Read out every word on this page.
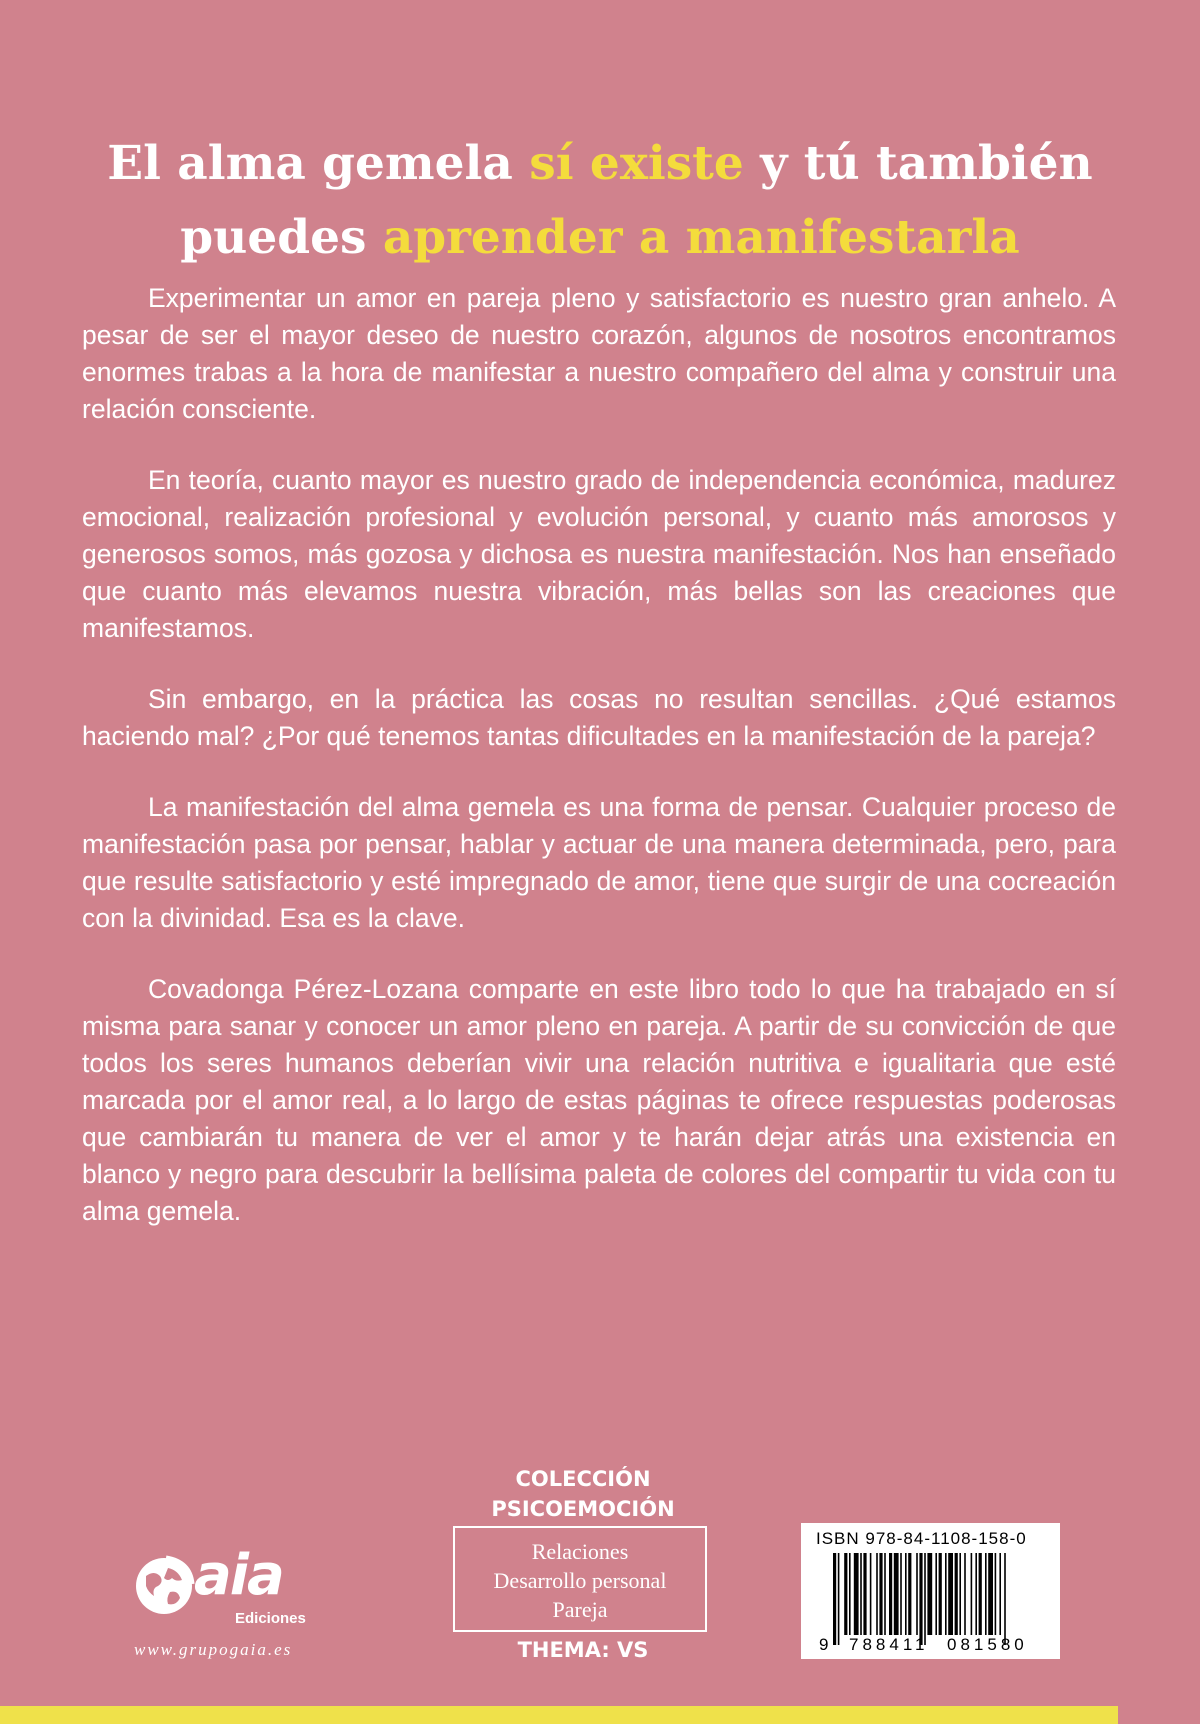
El alma gemela sí existe y tú también
puedes aprender a manifestarla

Experimentar un amor en pareja pleno y satisfactorio es nuestro gran anhelo. A pesar de ser el mayor deseo de nuestro corazón, algunos de nosotros encontramos enormes trabas a la hora de manifestar a nuestro compañero del alma y construir una relación consciente.

En teoría, cuanto mayor es nuestro grado de independencia económica, madurez emocional, realización profesional y evolución personal, y cuanto más amorosos y generosos somos, más gozosa y dichosa es nuestra manifestación. Nos han enseñado que cuanto más elevamos nuestra vibración, más bellas son las creaciones que manifestamos.

Sin embargo, en la práctica las cosas no resultan sencillas. ¿Qué estamos haciendo mal? ¿Por qué tenemos tantas dificultades en la manifestación de la pareja?

La manifestación del alma gemela es una forma de pensar. Cualquier proceso de manifestación pasa por pensar, hablar y actuar de una manera determinada, pero, para que resulte satisfactorio y esté impregnado de amor, tiene que surgir de una cocreación con la divinidad. Esa es la clave.

Covadonga Pérez-Lozana comparte en este libro todo lo que ha trabajado en sí misma para sanar y conocer un amor pleno en pareja. A partir de su convicción de que todos los seres humanos deberían vivir una relación nutritiva e igualitaria que esté marcada por el amor real, a lo largo de estas páginas te ofrece respuestas poderosas que cambiarán tu manera de ver el amor y te harán dejar atrás una existencia en blanco y negro para descubrir la bellísima paleta de colores del compartir tu vida con tu alma gemela.

aia
Ediciones
www.grupogaia.es
COLECCIÓN
PSICOEMOCIÓN
Relaciones
Desarrollo personal
Pareja
THEMA: VS
ISBN 978-84-1108-158-0
9 788411 081580
